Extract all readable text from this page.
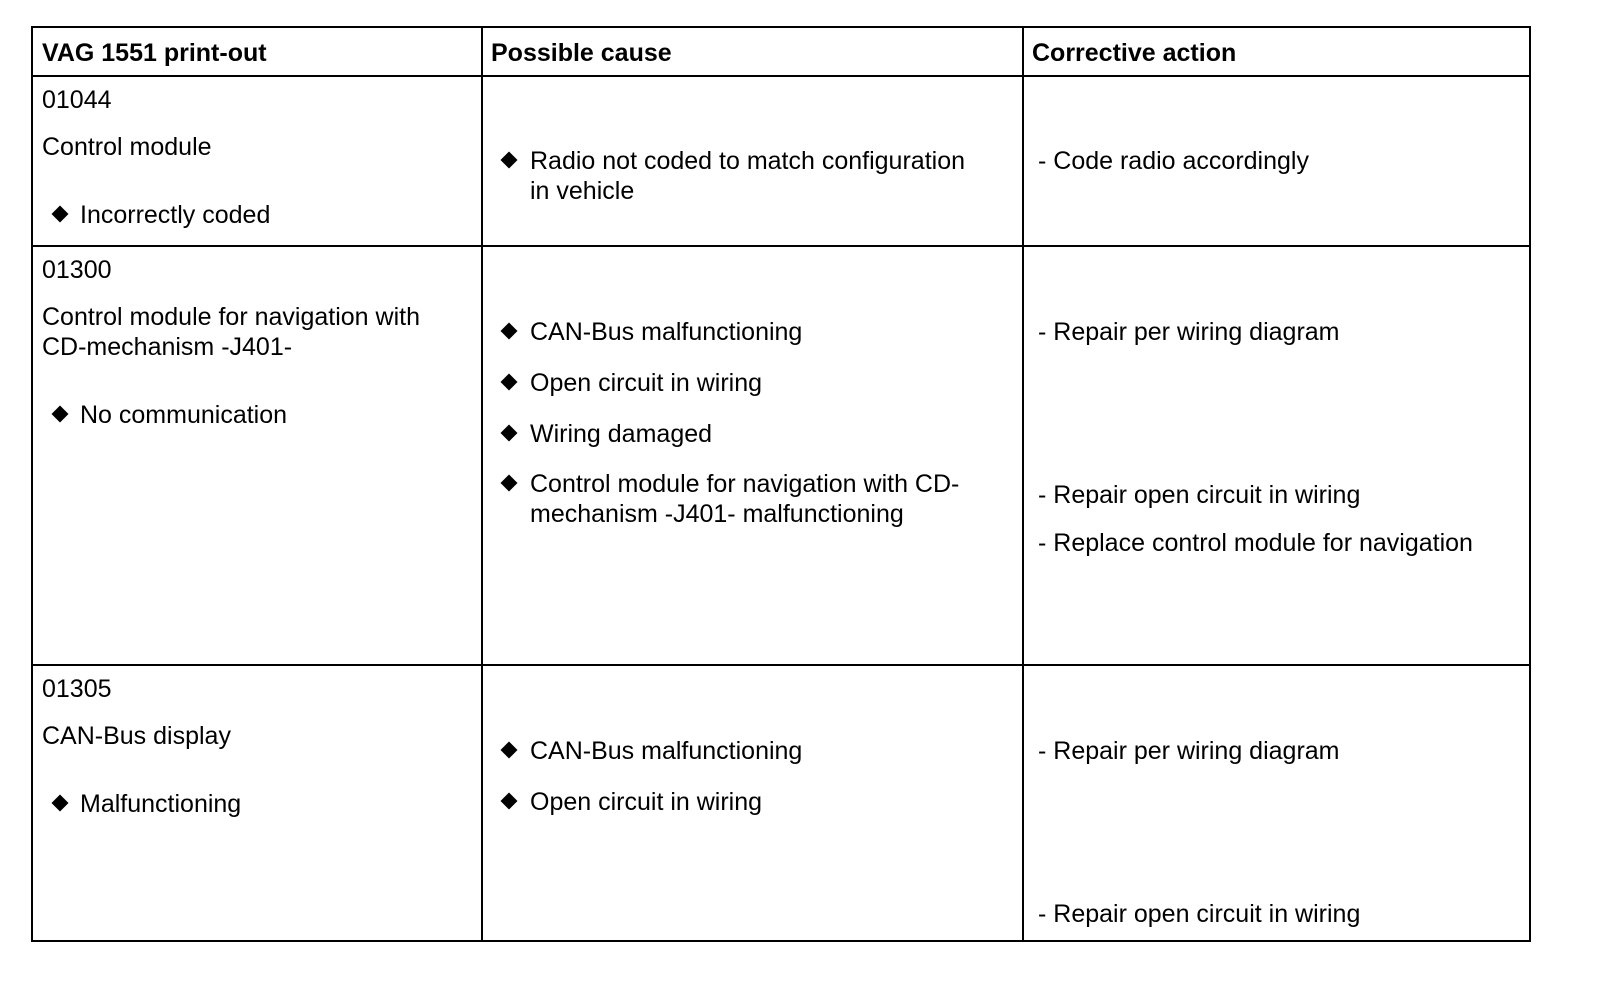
VAG 1551 print-out	Possible cause	Corrective action

01044

Control module

Incorrectly coded

Radio not coded to match configuration

in vehicle

- Code radio accordingly

01300

Control module for navigation with

CD-mechanism -J401-

No communication

CAN-Bus malfunctioning

Open circuit in wiring

Wiring damaged

Control module for navigation with CD-

mechanism -J401- malfunctioning

- Repair per wiring diagram

- Repair open circuit in wiring

- Replace control module for navigation

01305

CAN-Bus display

Malfunctioning

CAN-Bus malfunctioning

Open circuit in wiring

- Repair per wiring diagram

- Repair open circuit in wiring
